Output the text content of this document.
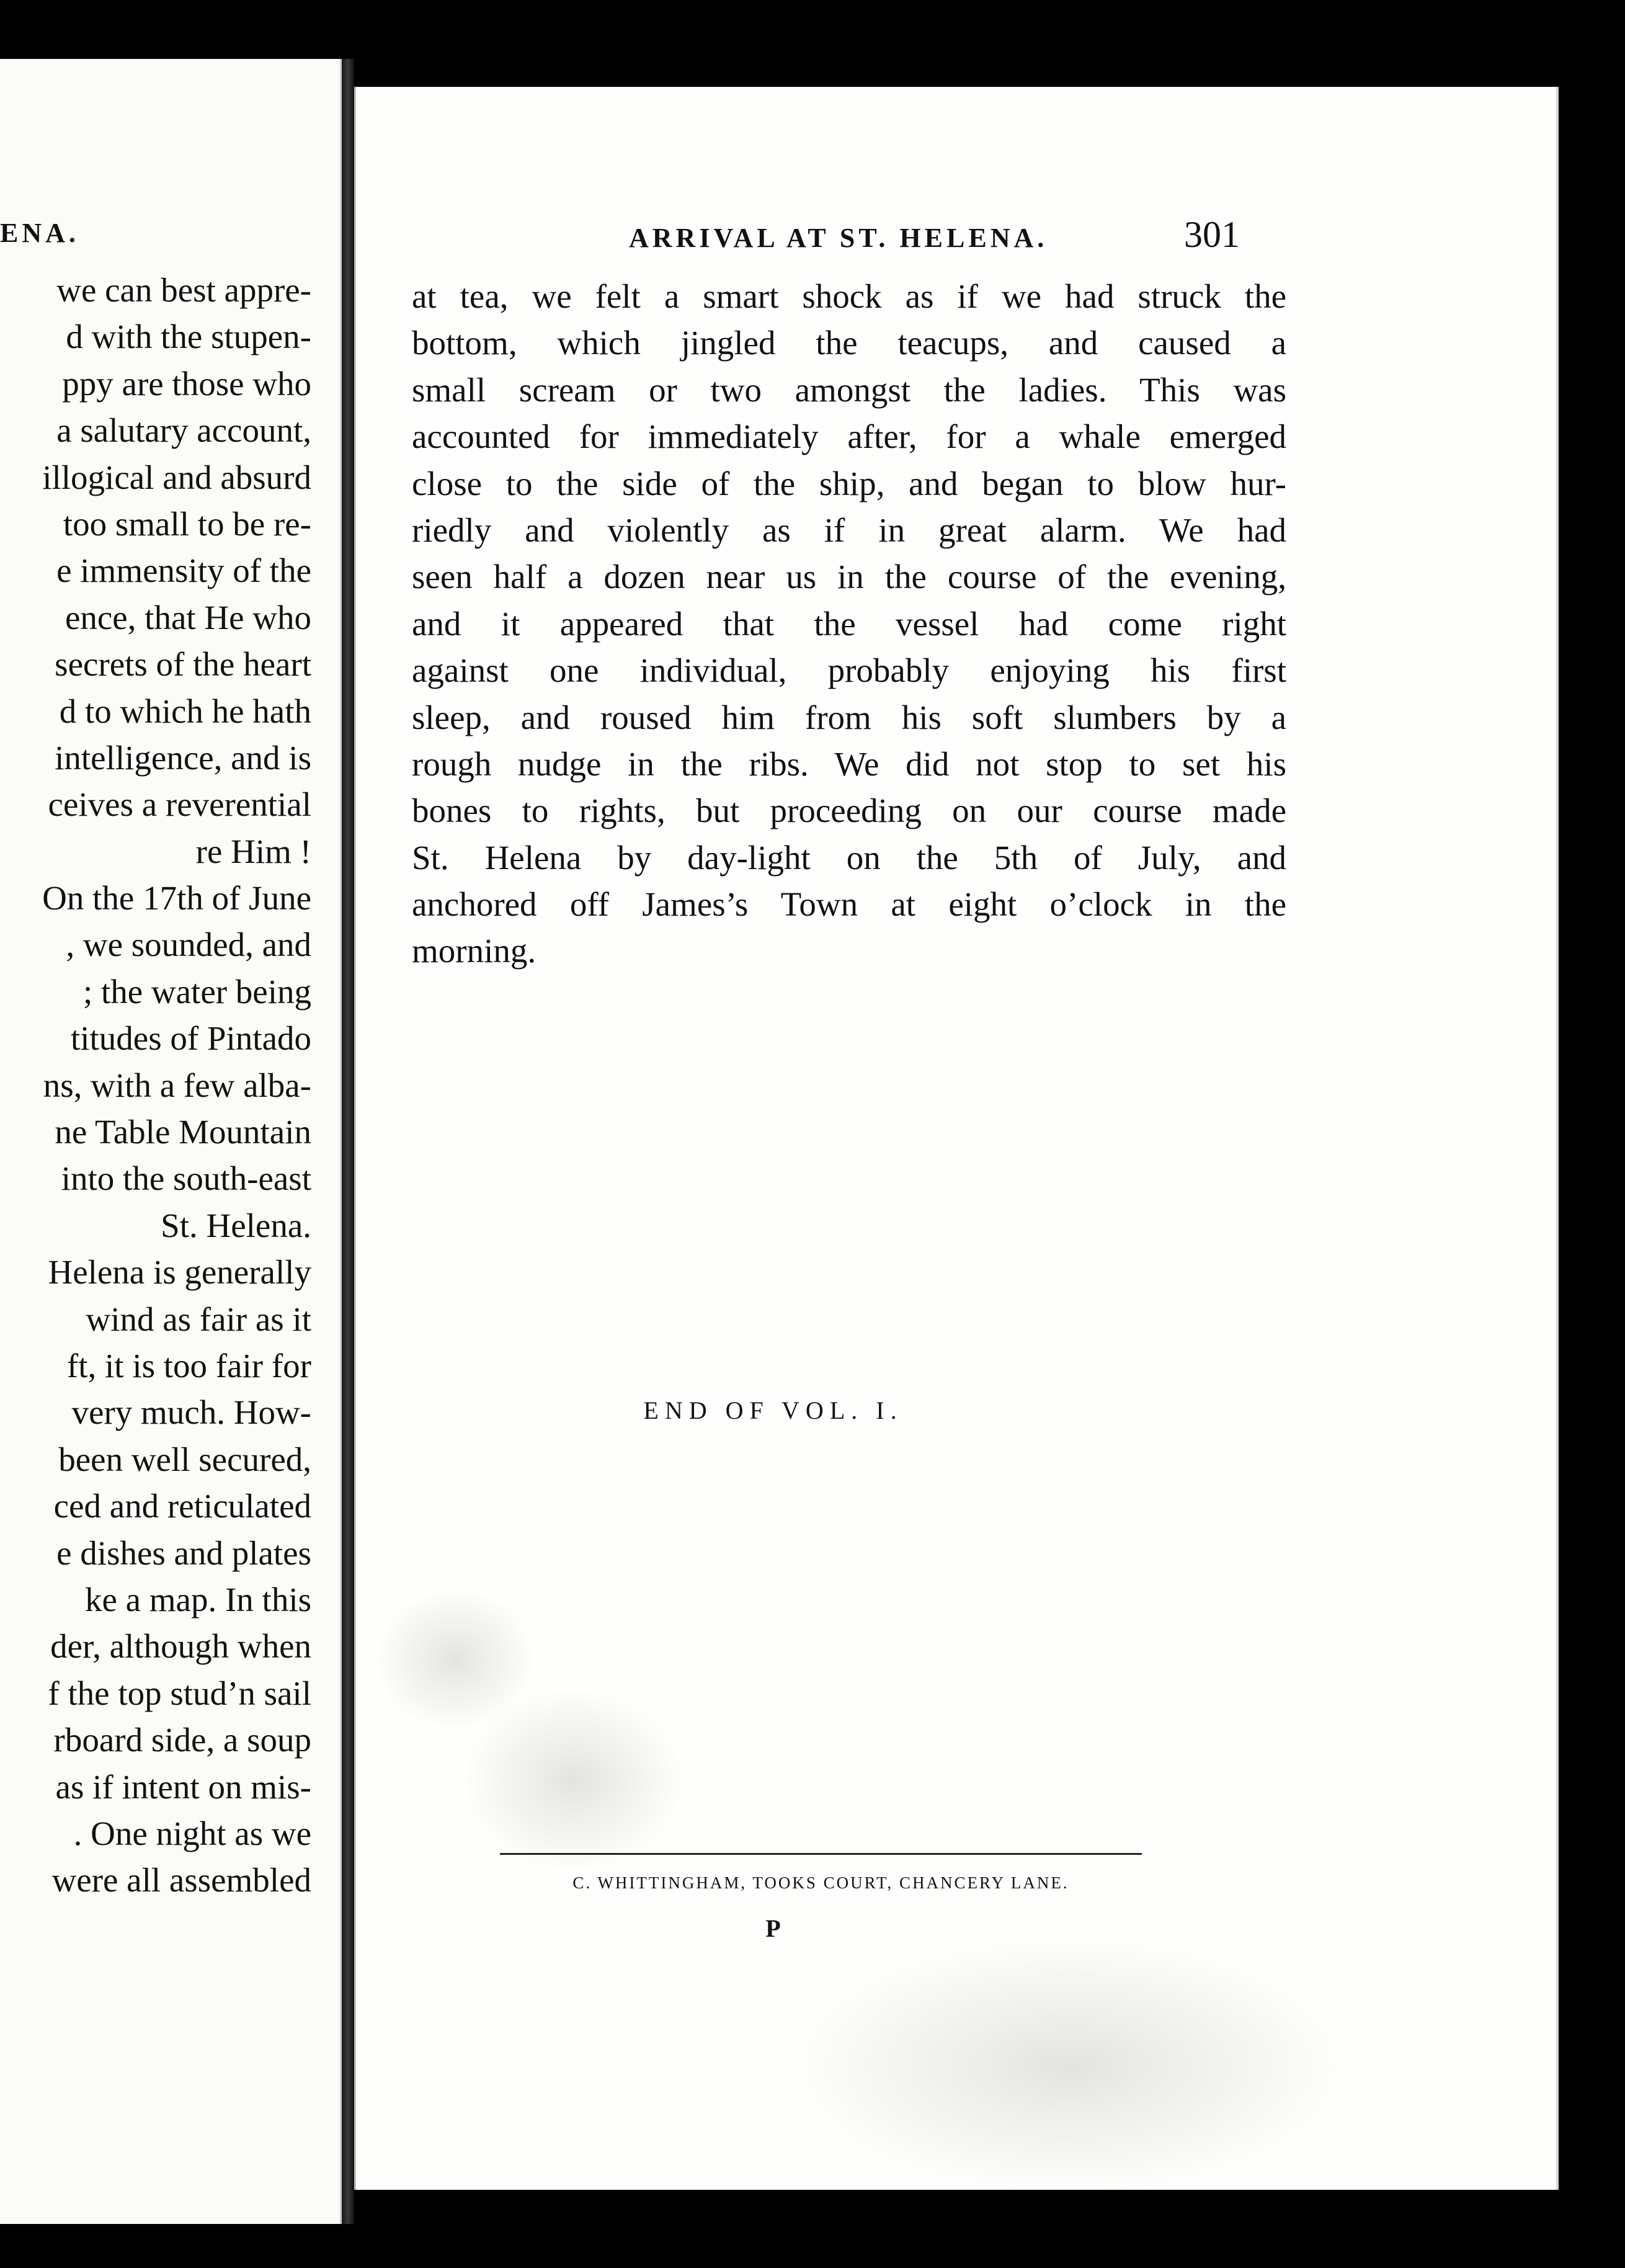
ENA.
we can best appre-
d with the stupen-
ppy are those who
a salutary account,
illogical and absurd
too small to be re-
e immensity of the
ence, that He who
secrets of the heart
d to which he hath
intelligence, and is
ceives a reverential
re Him !
On the 17th of June
, we sounded, and
; the water being
titudes of Pintado
ns, with a few alba-
ne Table Mountain
into the south-east
St. Helena.
Helena is generally
wind as fair as it
ft, it is too fair for
very much. How-
been well secured,
ced and reticulated
e dishes and plates
ke a map. In this
der, although when
f the top stud’n sail
rboard side, a soup
as if intent on mis-
. One night as we
were all assembled
ARRIVAL AT ST. HELENA.	301
at tea, we felt a smart shock as if we had struck the
bottom, which jingled the teacups, and caused a
small scream or two amongst the ladies. This was
accounted for immediately after, for a whale emerged
close to the side of the ship, and began to blow hur-
riedly and violently as if in great alarm. We had
seen half a dozen near us in the course of the evening,
and it appeared that the vessel had come right
against one individual, probably enjoying his first
sleep, and roused him from his soft slumbers by a
rough nudge in the ribs. We did not stop to set his
bones to rights, but proceeding on our course made
St. Helena by day-light on the 5th of July, and
anchored off James’s Town at eight o’clock in the
morning.
END OF VOL. I.
C. WHITTINGHAM, TOOKS COURT, CHANCERY LANE.
P
